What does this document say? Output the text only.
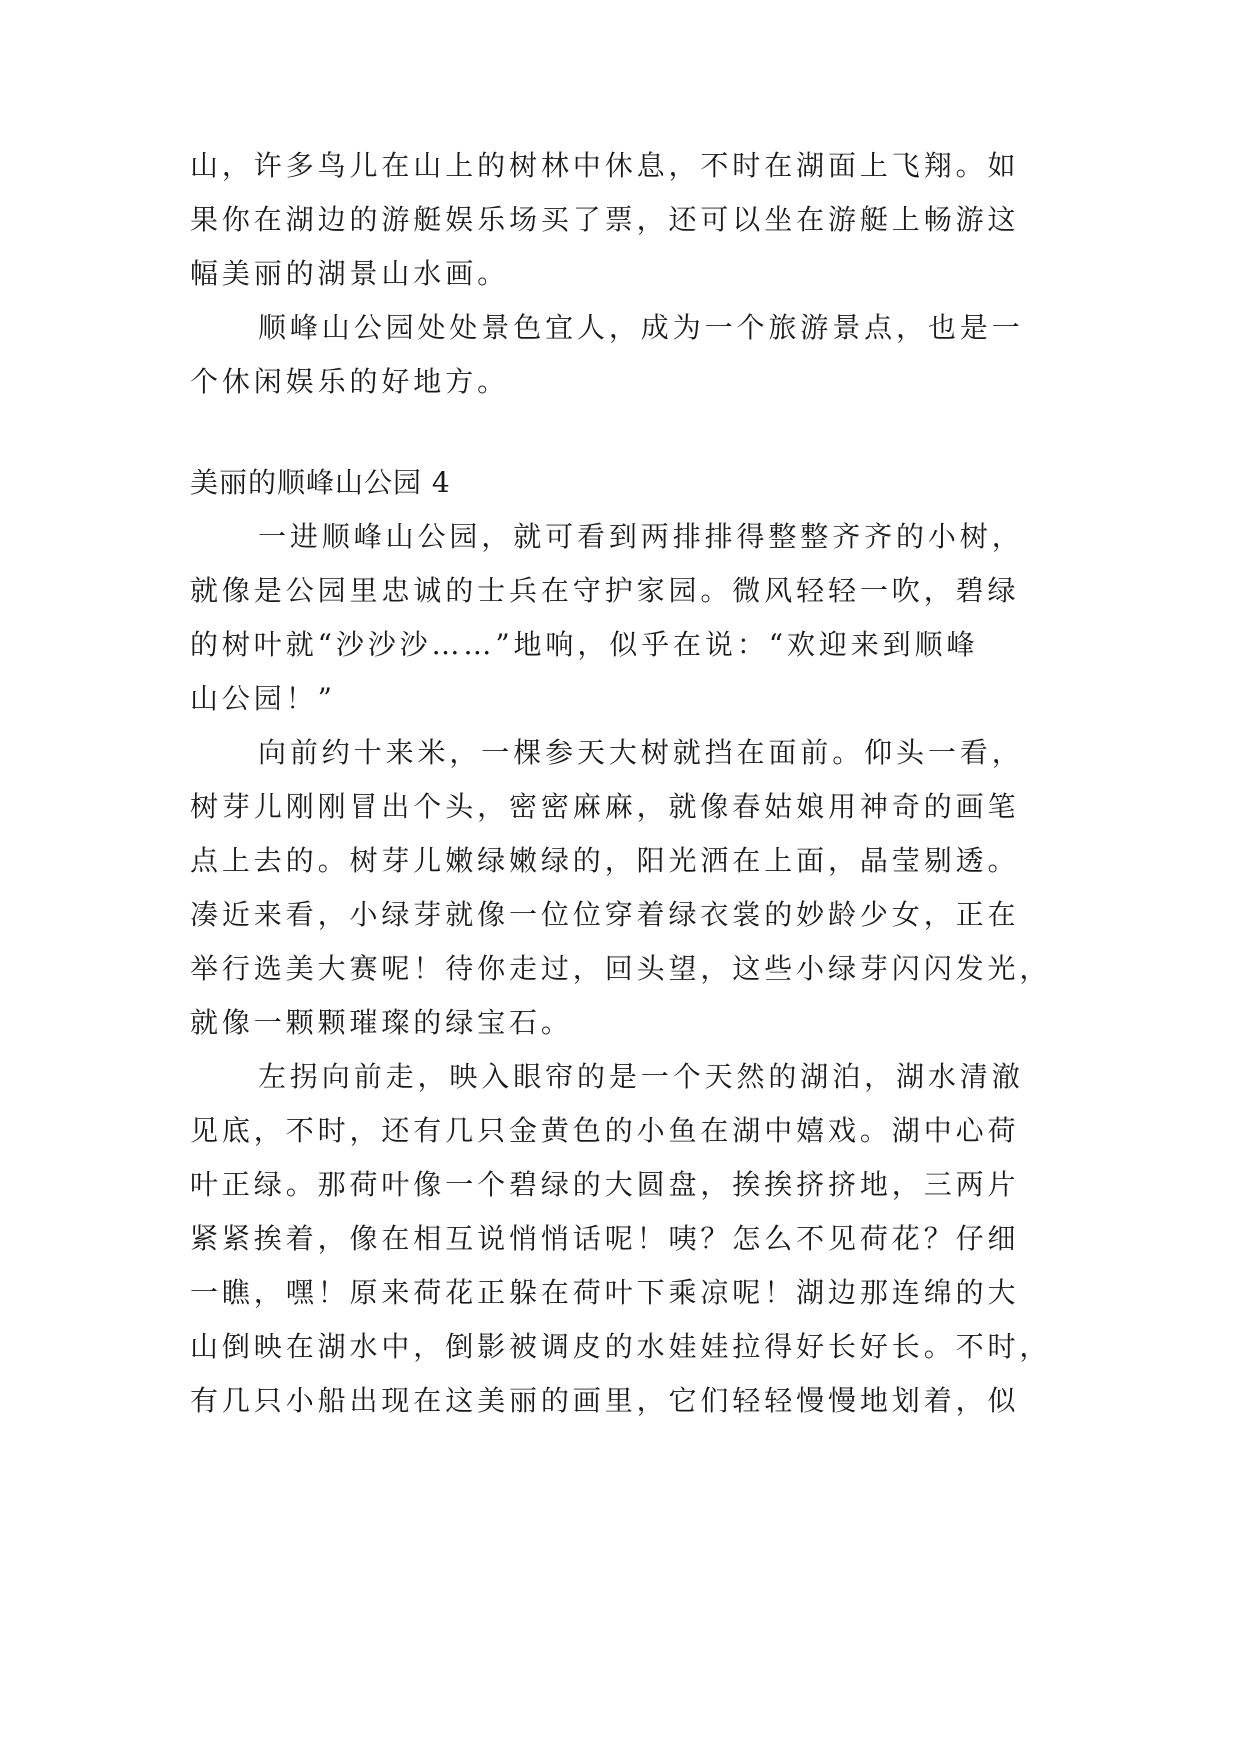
山，许多鸟儿在山上的树林中休息，不时在湖面上飞翔。如

果你在湖边的游艇娱乐场买了票，还可以坐在游艇上畅游这

幅美丽的湖景山水画。

顺峰山公园处处景色宜人，成为一个旅游景点，也是一

个休闲娱乐的好地方。

美丽的顺峰山公园 4

一进顺峰山公园，就可看到两排排得整整齐齐的小树，

就像是公园里忠诚的士兵在守护家园。微风轻轻一吹，碧绿

的树叶就“沙沙沙……”地响，似乎在说：“欢迎来到顺峰

山公园！”

向前约十来米，一棵参天大树就挡在面前。仰头一看，

树芽儿刚刚冒出个头，密密麻麻，就像春姑娘用神奇的画笔

点上去的。树芽儿嫩绿嫩绿的，阳光洒在上面，晶莹剔透。

凑近来看，小绿芽就像一位位穿着绿衣裳的妙龄少女，正在

举行选美大赛呢！待你走过，回头望，这些小绿芽闪闪发光，

就像一颗颗璀璨的绿宝石。

左拐向前走，映入眼帘的是一个天然的湖泊，湖水清澈

见底，不时，还有几只金黄色的小鱼在湖中嬉戏。湖中心荷

叶正绿。那荷叶像一个碧绿的大圆盘，挨挨挤挤地，三两片

紧紧挨着，像在相互说悄悄话呢！咦？怎么不见荷花？仔细

一瞧，嘿！原来荷花正躲在荷叶下乘凉呢！湖边那连绵的大

山倒映在湖水中，倒影被调皮的水娃娃拉得好长好长。不时，

有几只小船出现在这美丽的画里，它们轻轻慢慢地划着，似
